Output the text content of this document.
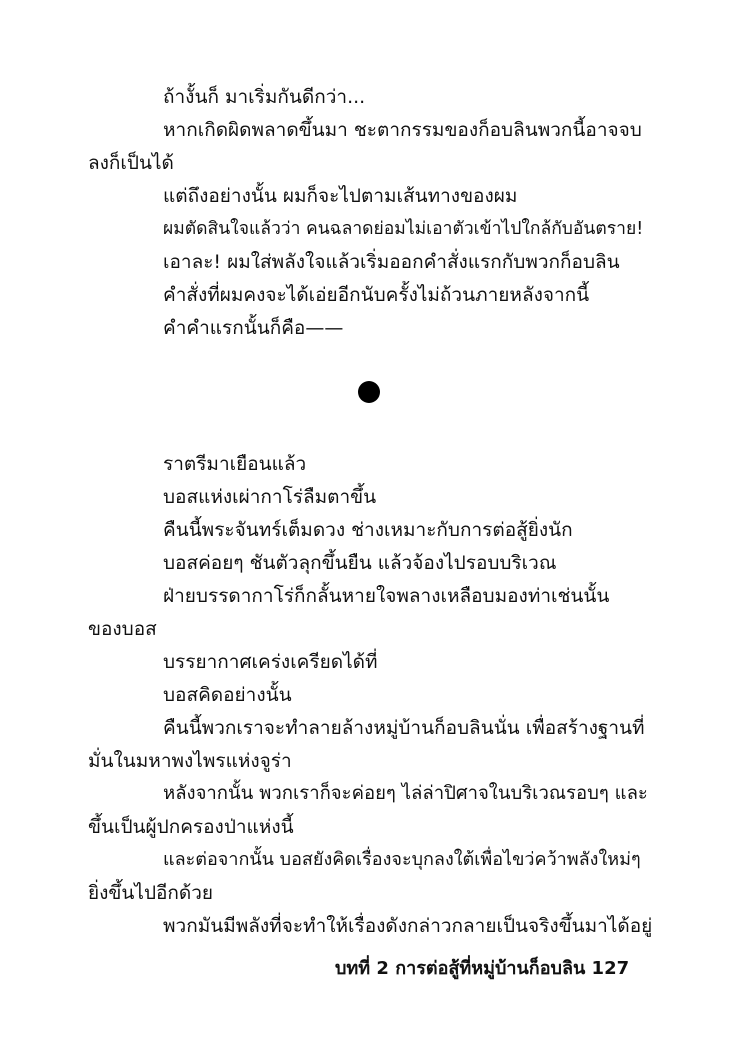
ถ้างั้นก็ มาเริ่มกันดีกว่า...
หากเกิดผิดพลาดขึ้นมา ชะตากรรมของก็อบลินพวกนี้อาจจบ
ลงก็เป็นได้
แต่ถึงอย่างนั้น ผมก็จะไปตามเส้นทางของผม
ผมตัดสินใจแล้วว่า คนฉลาดย่อมไม่เอาตัวเข้าไปใกล้กับอันตราย!
เอาละ! ผมใส่พลังใจแล้วเริ่มออกคำสั่งแรกกับพวกก็อบลิน
คำสั่งที่ผมคงจะได้เอ่ยอีกนับครั้งไม่ถ้วนภายหลังจากนี้
คำคำแรกนั้นก็คือ——
ราตรีมาเยือนแล้ว
บอสแห่งเผ่ากาโร่ลืมตาขึ้น
คืนนี้พระจันทร์เต็มดวง ช่างเหมาะกับการต่อสู้ยิ่งนัก
บอสค่อยๆ ชันตัวลุกขึ้นยืน แล้วจ้องไปรอบบริเวณ
ฝ่ายบรรดากาโร่ก็กลั้นหายใจพลางเหลือบมองท่าเช่นนั้น
ของบอส
บรรยากาศเคร่งเครียดได้ที่
บอสคิดอย่างนั้น
คืนนี้พวกเราจะทำลายล้างหมู่บ้านก็อบลินนั่น เพื่อสร้างฐานที่
มั่นในมหาพงไพรแห่งจูร่า
หลังจากนั้น พวกเราก็จะค่อยๆ ไล่ล่าปิศาจในบริเวณรอบๆ และ
ขึ้นเป็นผู้ปกครองป่าแห่งนี้
และต่อจากนั้น บอสยังคิดเรื่องจะบุกลงใต้เพื่อไขว่คว้าพลังใหม่ๆ
ยิ่งขึ้นไปอีกด้วย
พวกมันมีพลังที่จะทำให้เรื่องดังกล่าวกลายเป็นจริงขึ้นมาได้อยู่
บทที่ 2 การต่อสู้ที่หมู่บ้านก็อบลิน 127
